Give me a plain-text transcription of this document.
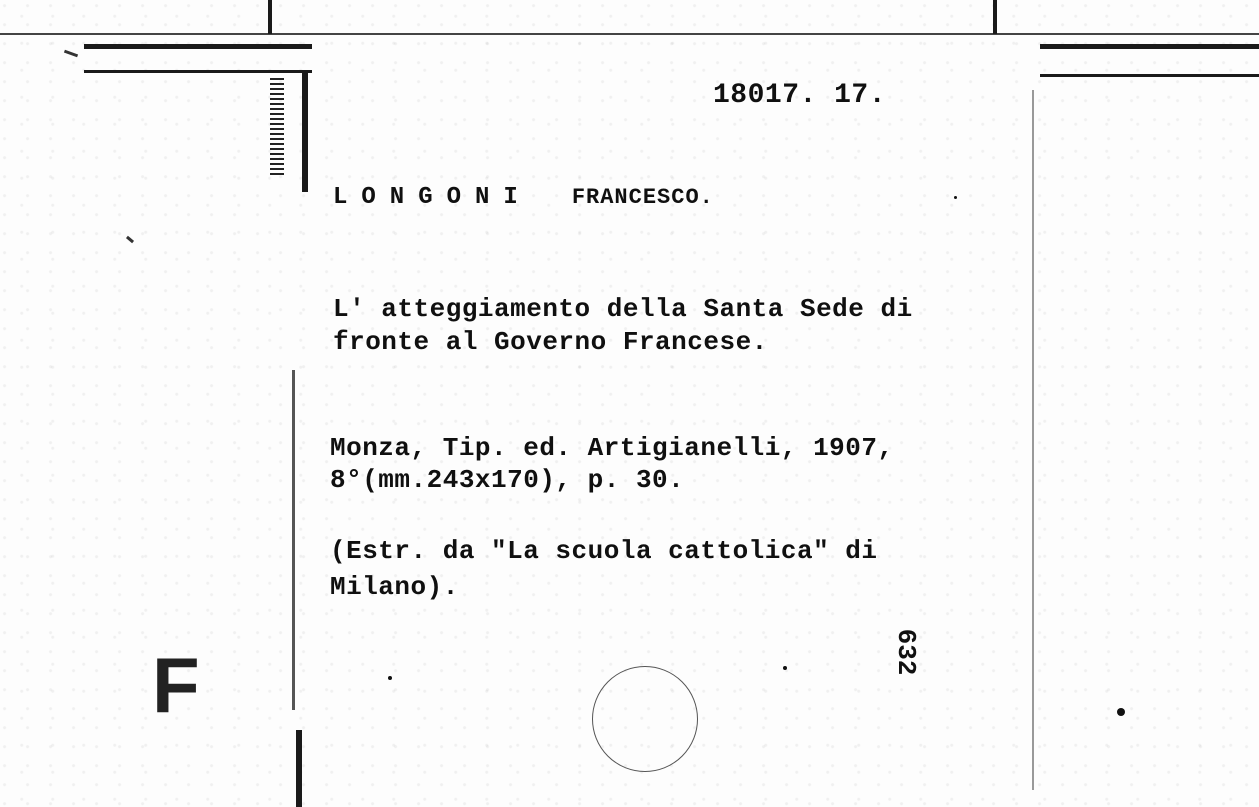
18017. 17.
LONGONI FRANCESCO.
L' atteggiamento della Santa Sede di
fronte al Governo Francese.
Monza, Tip. ed. Artigianelli, 1907,
8°(mm.243x170), p. 30.
(Estr. da "La scuola cattolica" di
Milano).
632
F
